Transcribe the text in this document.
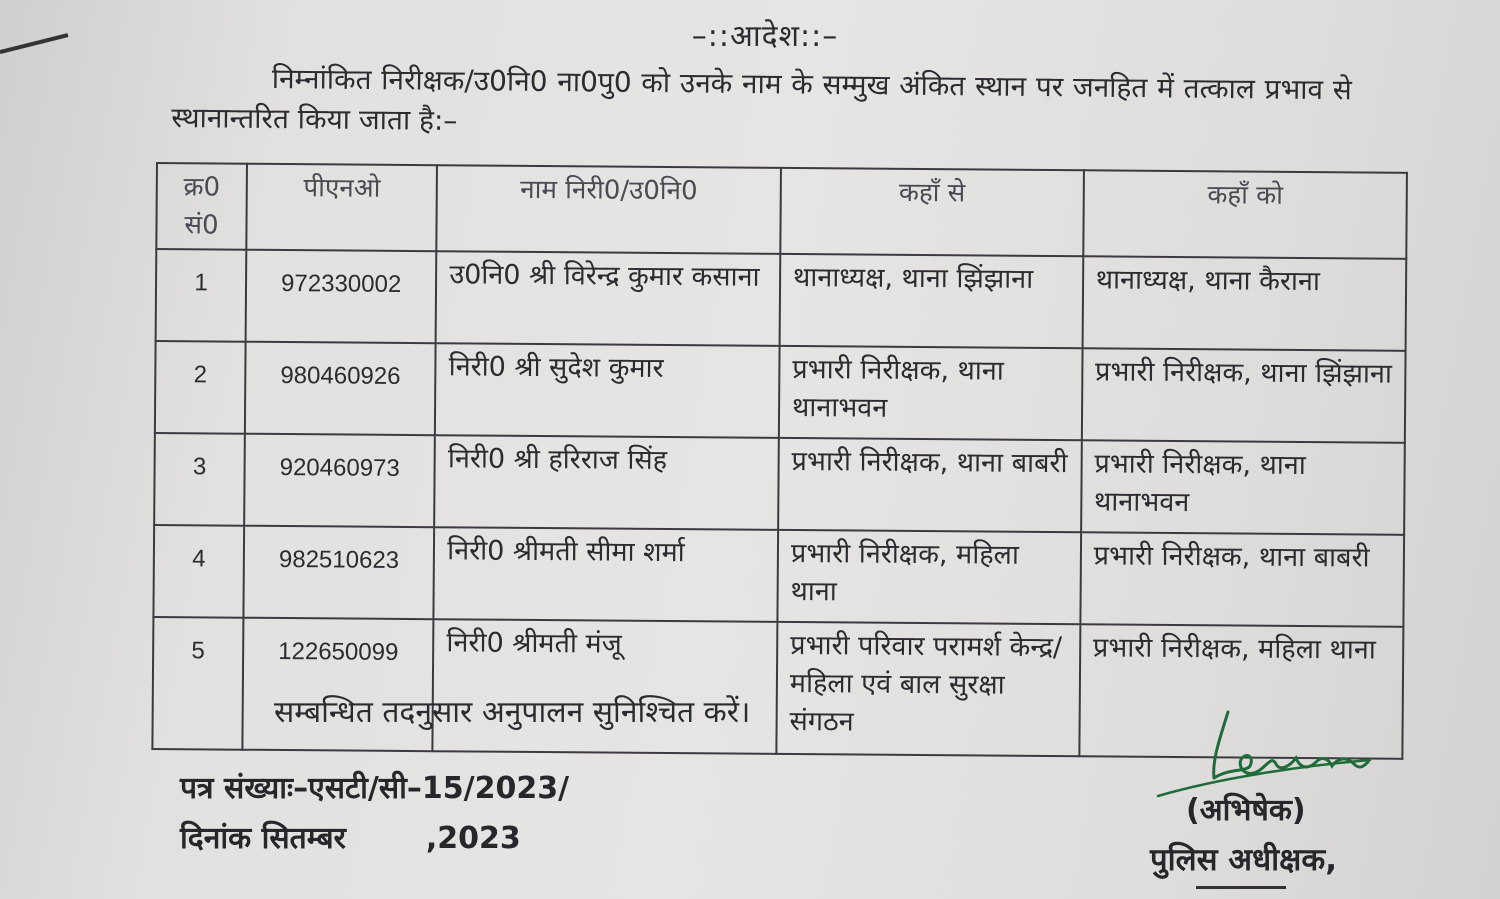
–::आदेश::–
निम्नांकित निरीक्षक/उ0नि0 ना0पु0 को उनके नाम के सम्मुख अंकित स्थान पर जनहित में तत्काल प्रभाव से स्थानान्तरित किया जाता है:–
क्र0 सं0	पीएनओ	नाम निरी0/उ0नि0	कहाँ से	कहाँ को
1	972330002	उ0नि0 श्री विरेन्द्र कुमार कसाना	थानाध्यक्ष, थाना झिंझाना	थानाध्यक्ष, थाना कैराना
2	980460926	निरी0 श्री सुदेश कुमार	प्रभारी निरीक्षक, थाना थानाभवन	प्रभारी निरीक्षक, थाना झिंझाना
3	920460973	निरी0 श्री हरिराज सिंह	प्रभारी निरीक्षक, थाना बाबरी	प्रभारी निरीक्षक, थाना थानाभवन
4	982510623	निरी0 श्रीमती सीमा शर्मा	प्रभारी निरीक्षक, महिला थाना	प्रभारी निरीक्षक, थाना बाबरी
5	122650099	निरी0 श्रीमती मंजू	प्रभारी परिवार परामर्श केन्द्र/महिला एवं बाल सुरक्षा संगठन	प्रभारी निरीक्षक, महिला थाना
सम्बन्धित तदनुसार अनुपालन सुनिश्चित करें।
पत्र संख्याः–एसटी/सी–15/2023/
दिनांक सितम्बर	,2023
(अभिषेक)
पुलिस अधीक्षक,
